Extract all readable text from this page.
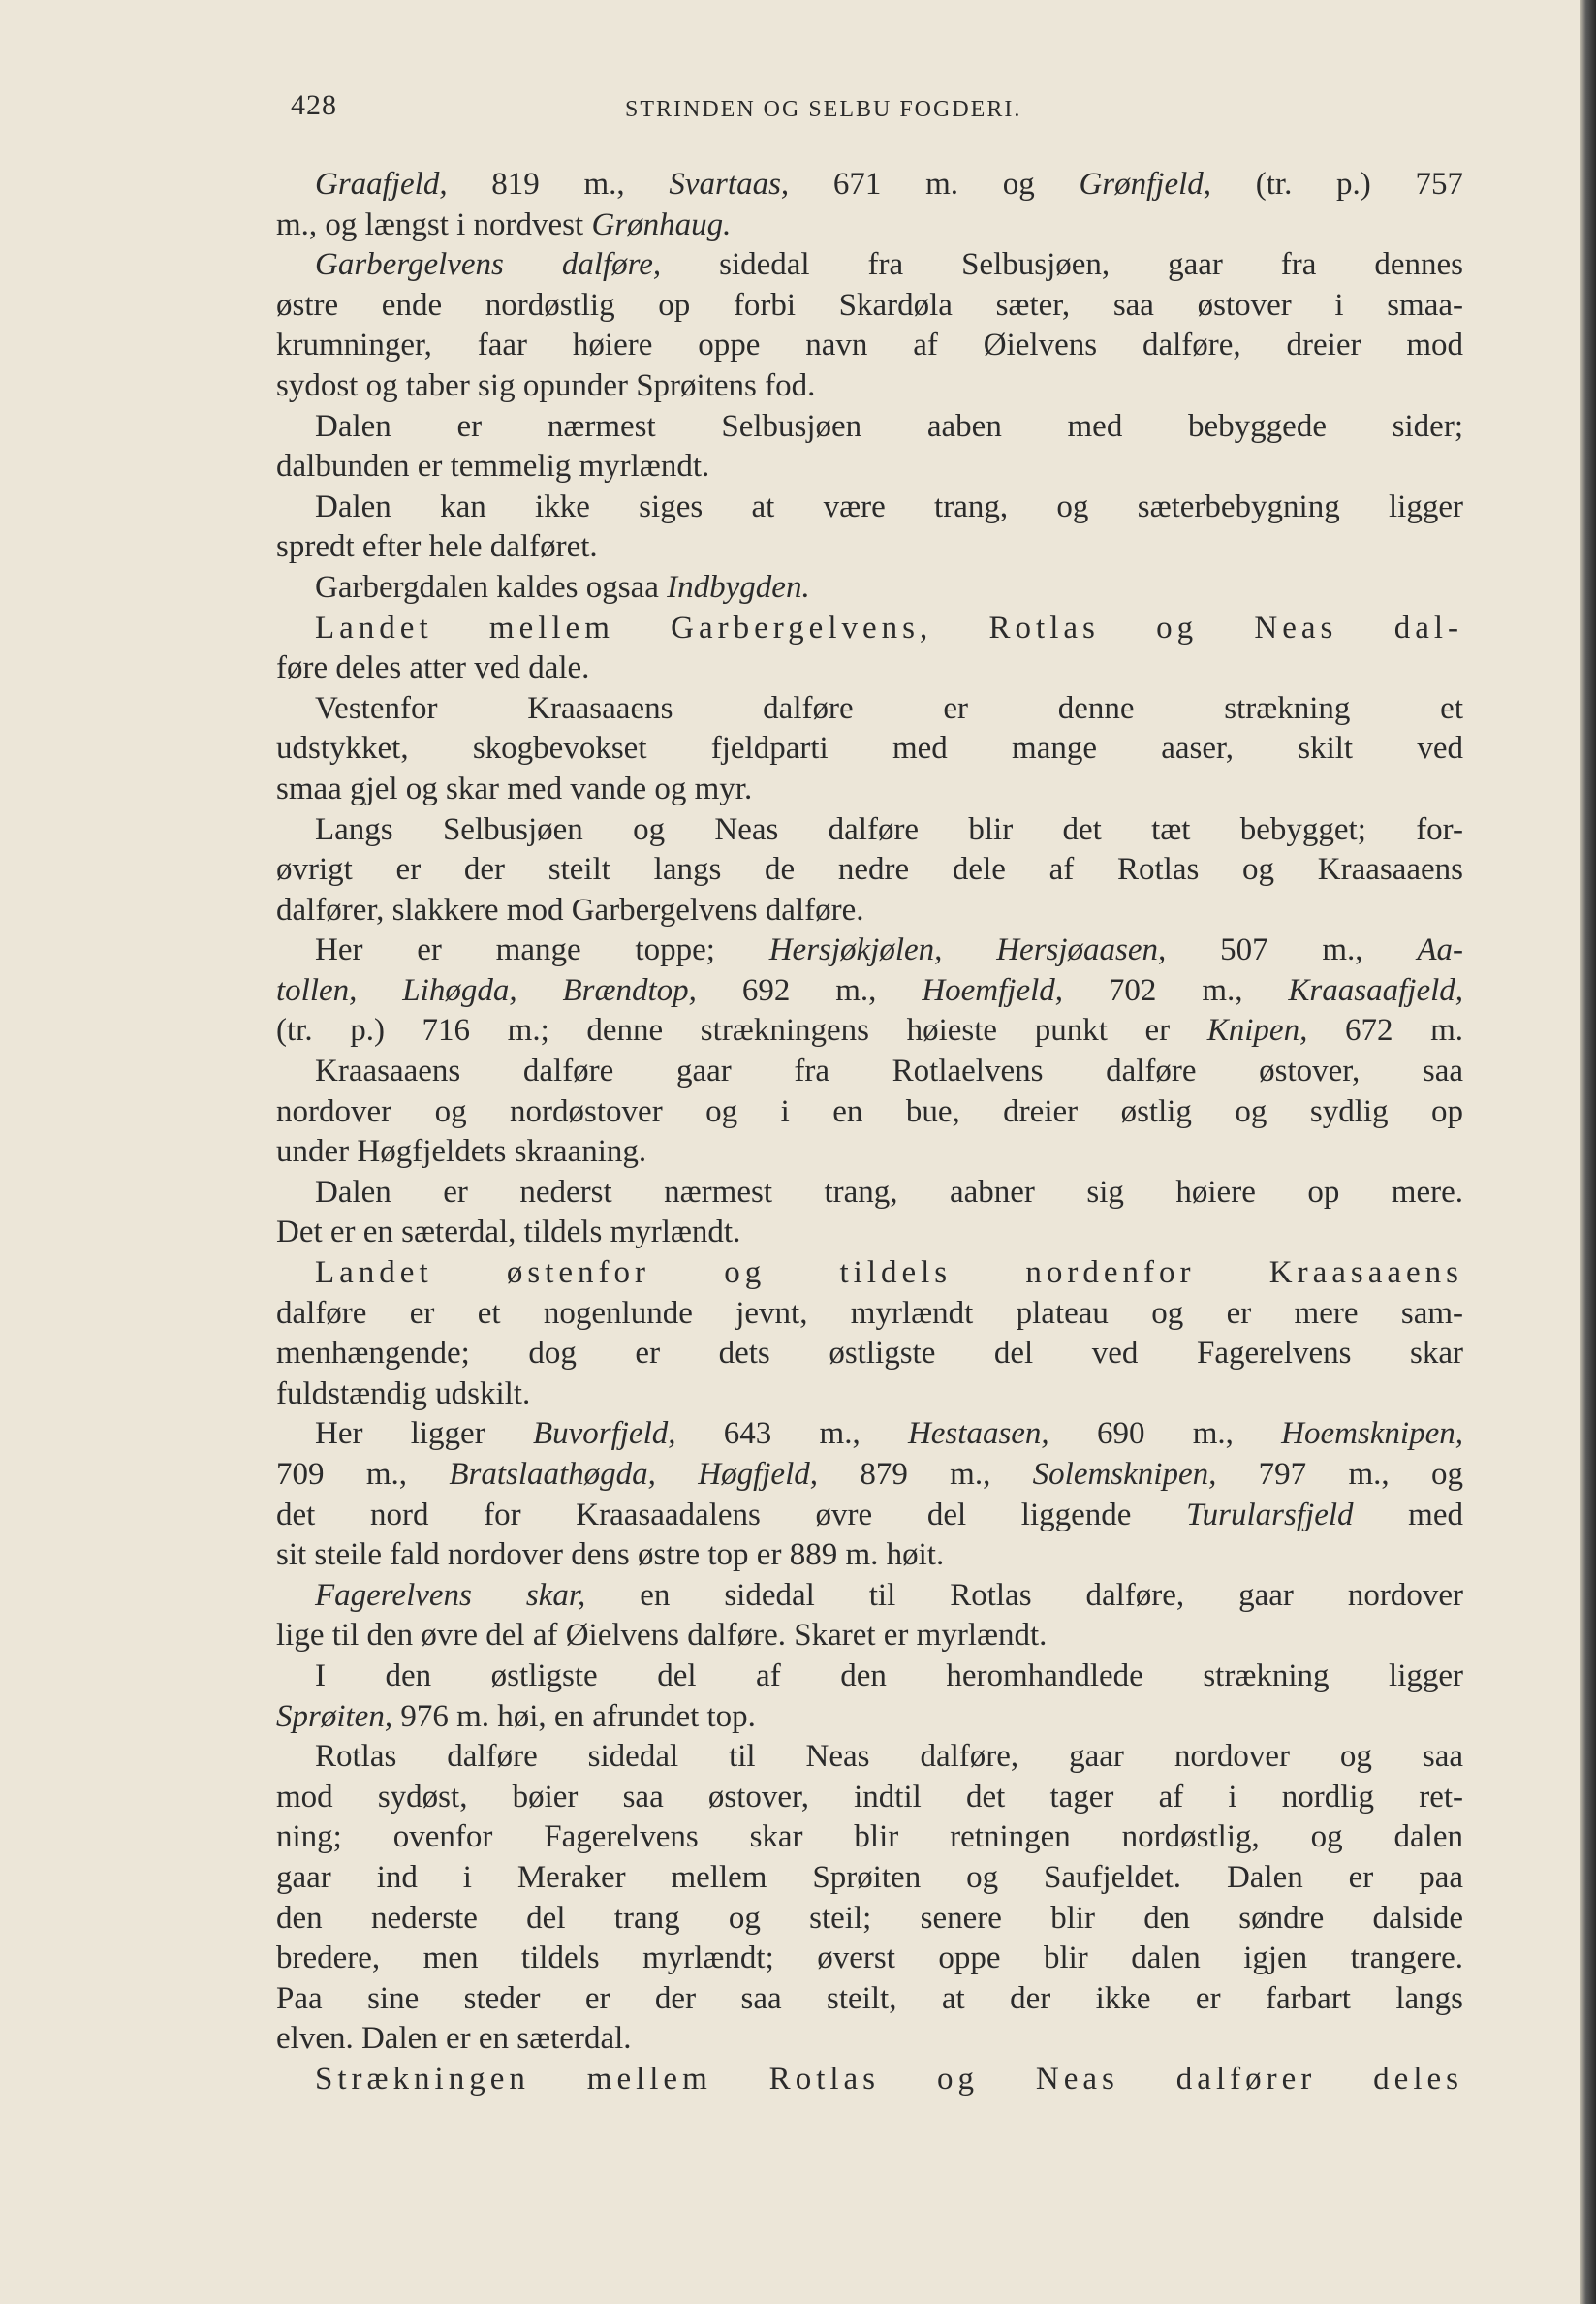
428	STRINDEN OG SELBU FOGDERI.
Graafjeld, 819 m., Svartaas, 671 m. og Grønfjeld, (tr. p.) 757
m., og længst i nordvest Grønhaug.
Garbergelvens dalføre, sidedal fra Selbusjøen, gaar fra dennes
østre ende nordøstlig op forbi Skardøla sæter, saa østover i smaa-
krumninger, faar høiere oppe navn af Øielvens dalføre, dreier mod
sydost og taber sig opunder Sprøitens fod.
Dalen er nærmest Selbusjøen aaben med bebyggede sider;
dalbunden er temmelig myrlændt.
Dalen kan ikke siges at være trang, og sæterbebygning ligger
spredt efter hele dalføret.
Garbergdalen kaldes ogsaa Indbygden.
Landet mellem Garbergelvens, Rotlas og Neas dal-
føre deles atter ved dale.
Vestenfor Kraasaaens dalføre er denne strækning et
udstykket, skogbevokset fjeldparti med mange aaser, skilt ved
smaa gjel og skar med vande og myr.
Langs Selbusjøen og Neas dalføre blir det tæt bebygget; for-
øvrigt er der steilt langs de nedre dele af Rotlas og Kraasaaens
dalfører, slakkere mod Garbergelvens dalføre.
Her er mange toppe; Hersjøkjølen, Hersjøaasen, 507 m., Aa-
tollen, Lihøgda, Brændtop, 692 m., Hoemfjeld, 702 m., Kraasaafjeld,
(tr. p.) 716 m.; denne strækningens høieste punkt er Knipen, 672 m.
Kraasaaens dalføre gaar fra Rotlaelvens dalføre østover, saa
nordover og nordøstover og i en bue, dreier østlig og sydlig op
under Høgfjeldets skraaning.
Dalen er nederst nærmest trang, aabner sig høiere op mere.
Det er en sæterdal, tildels myrlændt.
Landet østenfor og tildels nordenfor Kraasaaens
dalføre er et nogenlunde jevnt, myrlændt plateau og er mere sam-
menhængende; dog er dets østligste del ved Fagerelvens skar
fuldstændig udskilt.
Her ligger Buvorfjeld, 643 m., Hestaasen, 690 m., Hoemsknipen,
709 m., Bratslaathøgda, Høgfjeld, 879 m., Solemsknipen, 797 m., og
det nord for Kraasaadalens øvre del liggende Turularsfjeld med
sit steile fald nordover dens østre top er 889 m. høit.
Fagerelvens skar, en sidedal til Rotlas dalføre, gaar nordover
lige til den øvre del af Øielvens dalføre. Skaret er myrlændt.
I den østligste del af den heromhandlede strækning ligger
Sprøiten, 976 m. høi, en afrundet top.
Rotlas dalføre sidedal til Neas dalføre, gaar nordover og saa
mod sydøst, bøier saa østover, indtil det tager af i nordlig ret-
ning; ovenfor Fagerelvens skar blir retningen nordøstlig, og dalen
gaar ind i Meraker mellem Sprøiten og Saufjeldet. Dalen er paa
den nederste del trang og steil; senere blir den søndre dalside
bredere, men tildels myrlændt; øverst oppe blir dalen igjen trangere.
Paa sine steder er der saa steilt, at der ikke er farbart langs
elven. Dalen er en sæterdal.
Strækningen mellem Rotlas og Neas dalfører deles
